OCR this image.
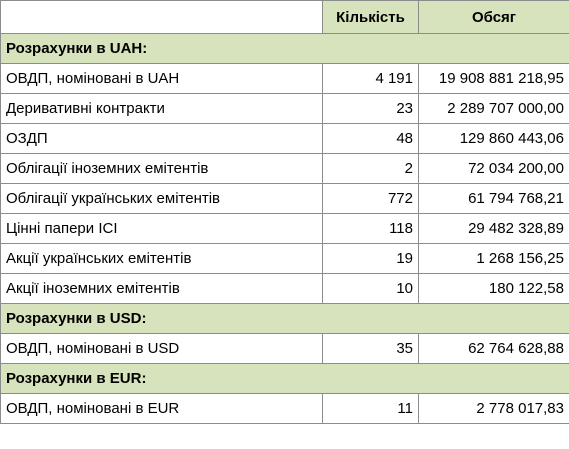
	Кількість	Обсяг
Розрахунки в UAH:		
ОВДП, номіновані в UAH	4 191	19 908 881 218,95
Деривативні контракти	23	2 289 707 000,00
ОЗДП	48	129 860 443,06
Облігації іноземних емітентів	2	72 034 200,00
Облігації українських емітентів	772	61 794 768,21
Цінні папери ІСІ	118	29 482 328,89
Акції українських емітентів	19	1 268 156,25
Акції іноземних емітентів	10	180 122,58
Розрахунки в USD:		
ОВДП, номіновані в USD	35	62 764 628,88
Розрахунки в EUR:		
ОВДП, номіновані в EUR	11	2 778 017,83
